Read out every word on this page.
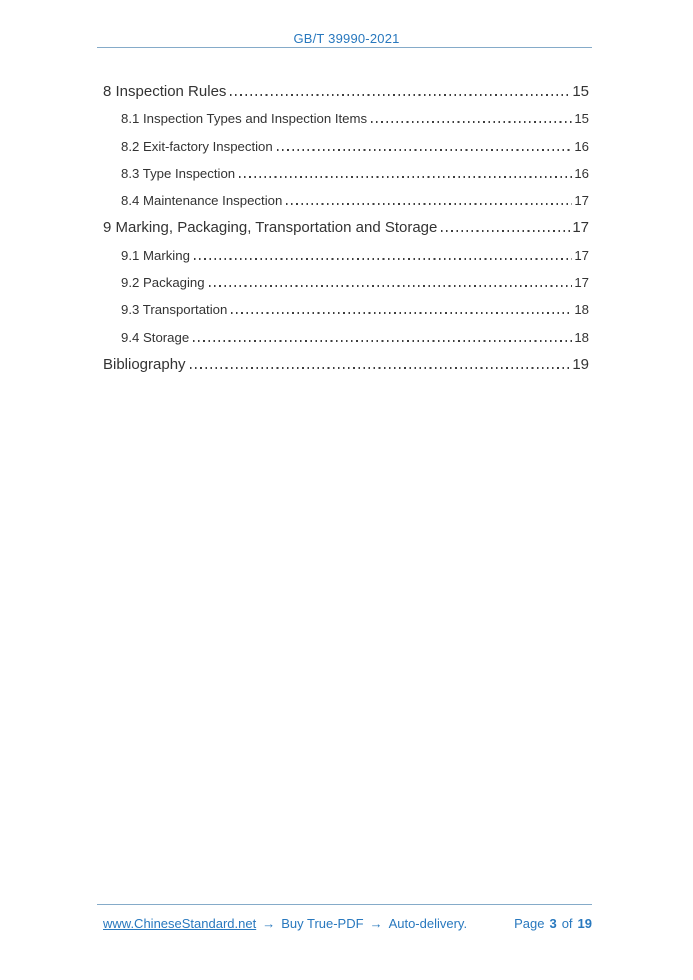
GB/T 39990-2021
8 Inspection Rules	15
8.1 Inspection Types and Inspection Items	15
8.2 Exit-factory Inspection	16
8.3 Type Inspection	16
8.4 Maintenance Inspection	17
9 Marking, Packaging, Transportation and Storage	17
9.1 Marking	17
9.2 Packaging	17
9.3 Transportation	18
9.4 Storage	18
Bibliography	19
www.ChineseStandard.net → Buy True-PDF → Auto-delivery.	Page 3 of 19
